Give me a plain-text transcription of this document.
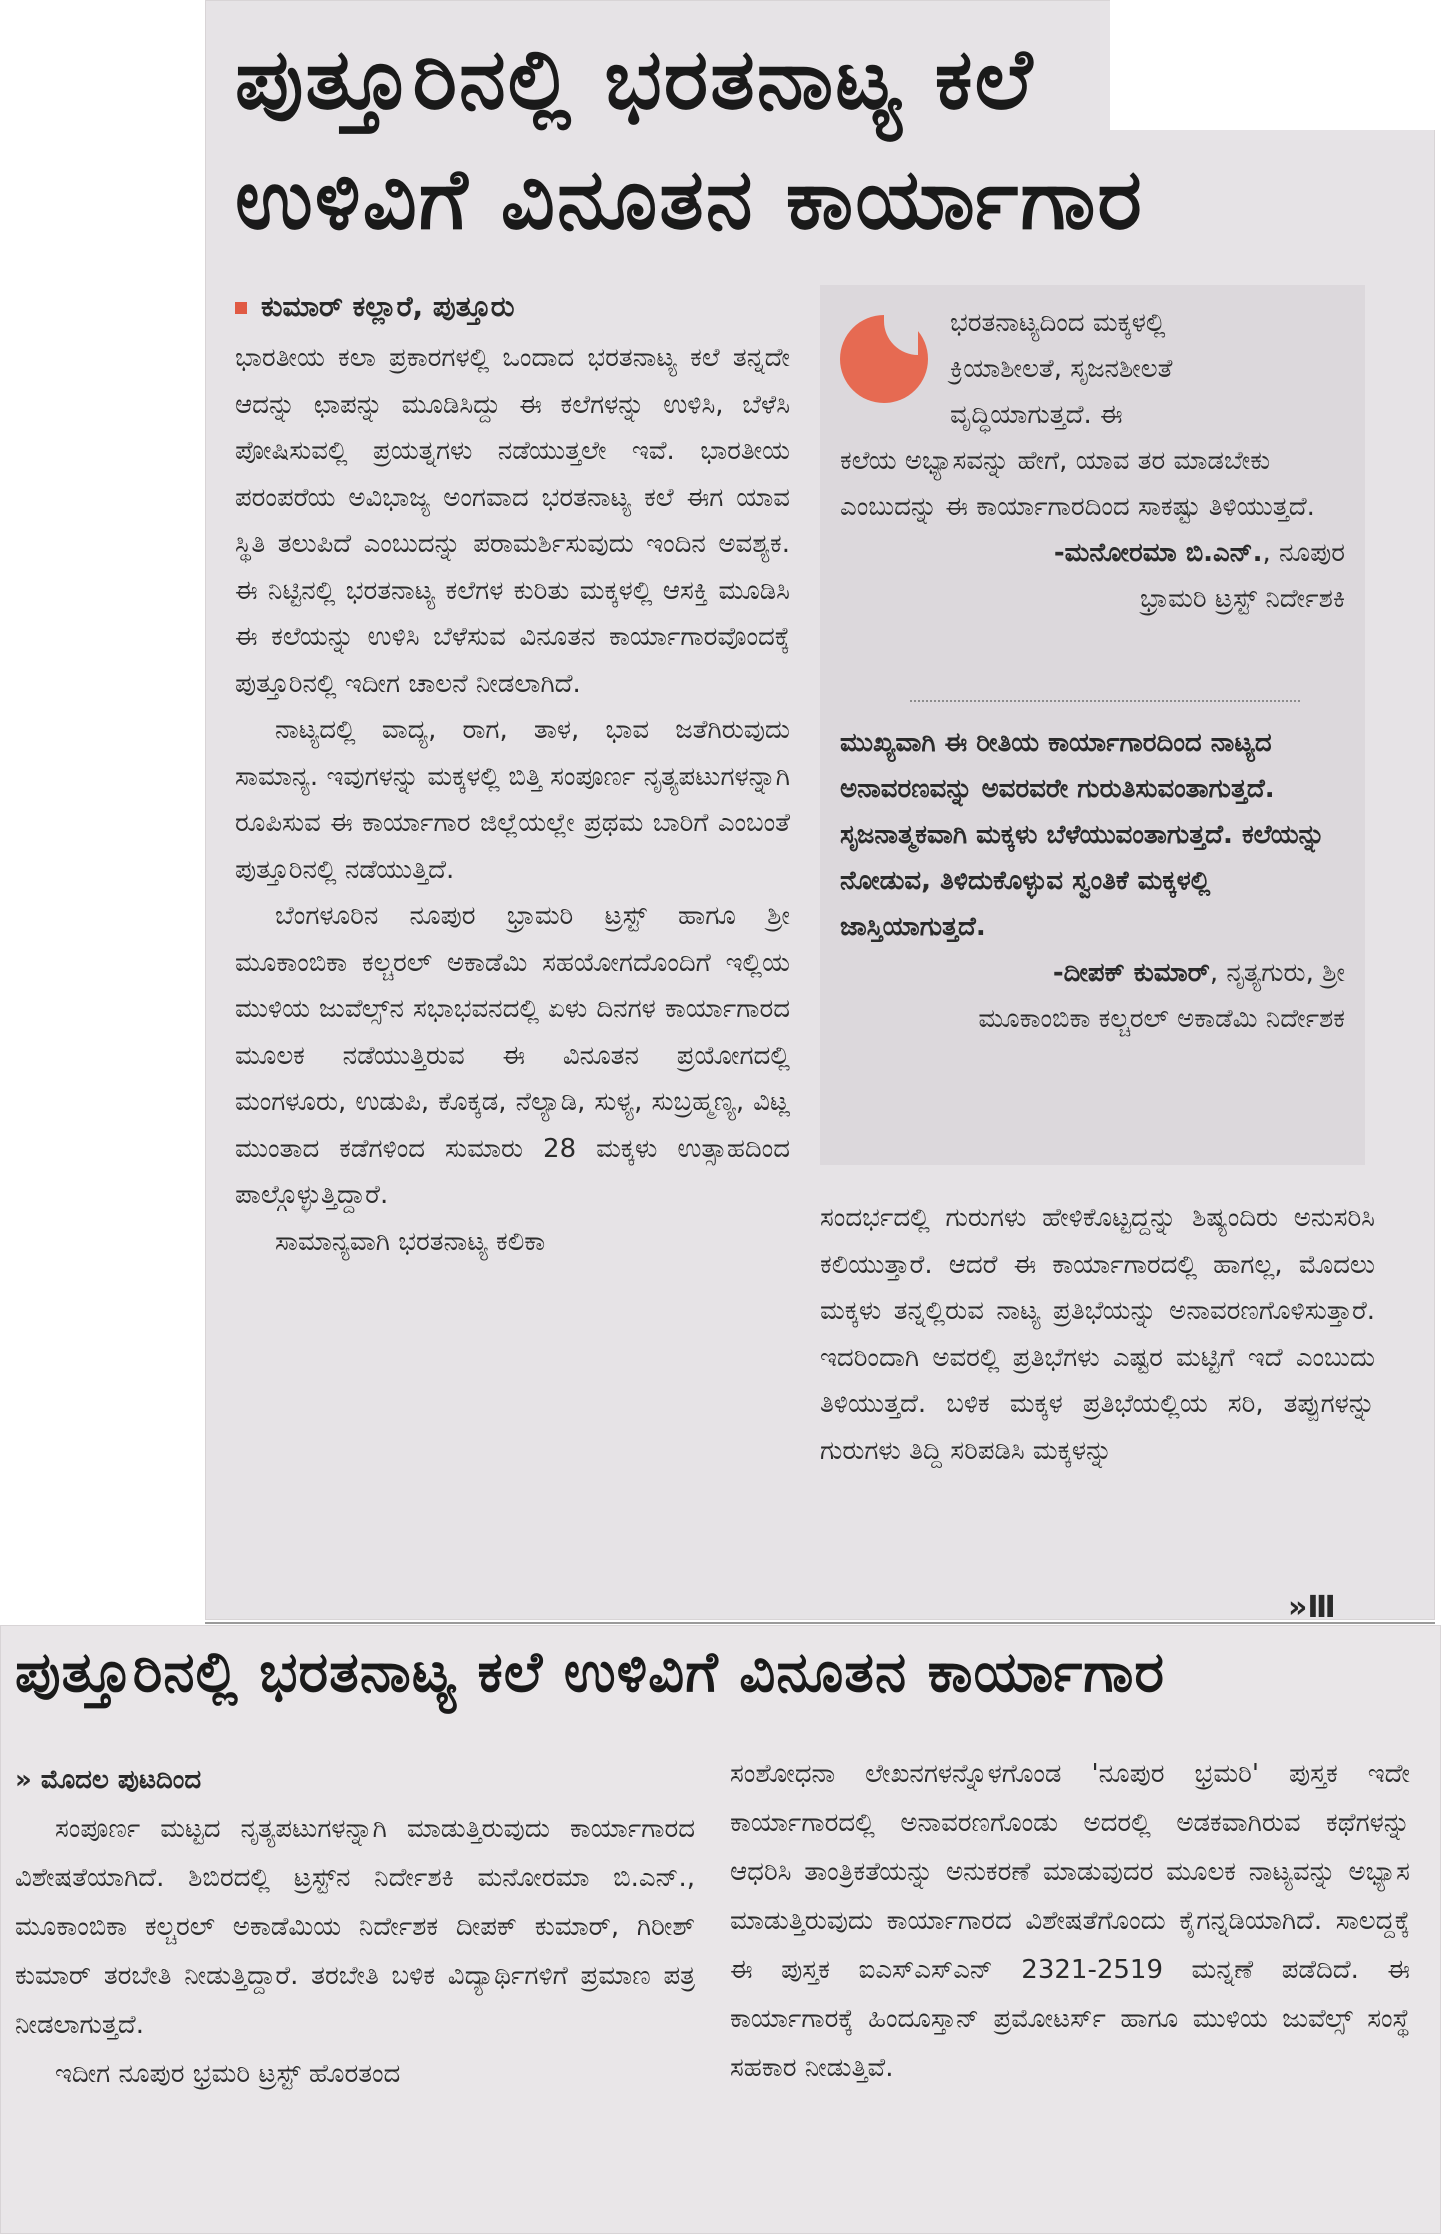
ಪುತ್ತೂರಿನಲ್ಲಿ ಭರತನಾಟ್ಯ ಕಲೆ
ಉಳಿವಿಗೆ ವಿನೂತನ ಕಾರ್ಯಾಗಾರ
ಕುಮಾರ್ ಕಲ್ಲಾರೆ, ಪುತ್ತೂರು

ಭಾರತೀಯ ಕಲಾ ಪ್ರಕಾರಗಳಲ್ಲಿ ಒಂದಾದ ಭರತನಾಟ್ಯ ಕಲೆ ತನ್ನದೇ ಆದನ್ನು ಛಾಪನ್ನು ಮೂಡಿಸಿದ್ದು ಈ ಕಲೆಗಳನ್ನು ಉಳಿಸಿ, ಬೆಳೆಸಿ ಪೋಷಿಸುವಲ್ಲಿ ಪ್ರಯತ್ನಗಳು ನಡೆಯುತ್ತಲೇ ಇವೆ. ಭಾರತೀಯ ಪರಂಪರೆಯ ಅವಿಭಾಜ್ಯ ಅಂಗವಾದ ಭರತನಾಟ್ಯ ಕಲೆ ಈಗ ಯಾವ ಸ್ಥಿತಿ ತಲುಪಿದೆ ಎಂಬುದನ್ನು ಪರಾಮರ್ಶಿಸುವುದು ಇಂದಿನ ಅವಶ್ಯಕ. ಈ ನಿಟ್ಟಿನಲ್ಲಿ ಭರತನಾಟ್ಯ ಕಲೆಗಳ ಕುರಿತು ಮಕ್ಕಳಲ್ಲಿ ಆಸಕ್ತಿ ಮೂಡಿಸಿ ಈ ಕಲೆಯನ್ನು ಉಳಿಸಿ ಬೆಳೆಸುವ ವಿನೂತನ ಕಾರ್ಯಾಗಾರವೊಂದಕ್ಕೆ ಪುತ್ತೂರಿನಲ್ಲಿ ಇದೀಗ ಚಾಲನೆ ನೀಡಲಾಗಿದೆ.

ನಾಟ್ಯದಲ್ಲಿ ವಾದ್ಯ, ರಾಗ, ತಾಳ, ಭಾವ ಜತೆಗಿರುವುದು ಸಾಮಾನ್ಯ. ಇವುಗಳನ್ನು ಮಕ್ಕಳಲ್ಲಿ ಬಿತ್ತಿ ಸಂಪೂರ್ಣ ನೃತ್ಯಪಟುಗಳನ್ನಾಗಿ ರೂಪಿಸುವ ಈ ಕಾರ್ಯಾಗಾರ ಜಿಲ್ಲೆಯಲ್ಲೇ ಪ್ರಥಮ ಬಾರಿಗೆ ಎಂಬಂತೆ ಪುತ್ತೂರಿನಲ್ಲಿ ನಡೆಯುತ್ತಿದೆ.

ಬೆಂಗಳೂರಿನ ನೂಪುರ ಭ್ರಾಮರಿ ಟ್ರಸ್ಟ್ ಹಾಗೂ ಶ್ರೀ ಮೂಕಾಂಬಿಕಾ ಕಲ್ಚರಲ್ ಅಕಾಡೆಮಿ ಸಹಯೋಗದೊಂದಿಗೆ ಇಲ್ಲಿಯ ಮುಳಿಯ ಜುವೆಲ್ಸ್‌ನ ಸಭಾಭವನದಲ್ಲಿ ಏಳು ದಿನಗಳ ಕಾರ್ಯಾಗಾರದ ಮೂಲಕ ನಡೆಯುತ್ತಿರುವ ಈ ವಿನೂತನ ಪ್ರಯೋಗದಲ್ಲಿ ಮಂಗಳೂರು, ಉಡುಪಿ, ಕೊಕ್ಕಡ, ನೆಲ್ಯಾಡಿ, ಸುಳ್ಯ, ಸುಬ್ರಹ್ಮಣ್ಯ, ವಿಟ್ಲ ಮುಂತಾದ ಕಡೆಗಳಿಂದ ಸುಮಾರು 28 ಮಕ್ಕಳು ಉತ್ಸಾಹದಿಂದ ಪಾಲ್ಗೊಳ್ಳುತ್ತಿದ್ದಾರೆ.

ಸಾಮಾನ್ಯವಾಗಿ ಭರತನಾಟ್ಯ ಕಲಿಕಾ

ಭರತನಾಟ್ಯದಿಂದ ಮಕ್ಕಳಲ್ಲಿ
ಕ್ರಿಯಾಶೀಲತೆ, ಸೃಜನಶೀಲತೆ
ವೃದ್ಧಿಯಾಗುತ್ತದೆ. ಈ
ಕಲೆಯ ಅಭ್ಯಾಸವನ್ನು ಹೇಗೆ, ಯಾವ ತರ ಮಾಡಬೇಕು ಎಂಬುದನ್ನು ಈ ಕಾರ್ಯಾಗಾರದಿಂದ ಸಾಕಷ್ಟು ತಿಳಿಯುತ್ತದೆ.
-ಮನೋರಮಾ ಬಿ.ಎನ್., ನೂಪುರ
ಭ್ರಾಮರಿ ಟ್ರಸ್ಟ್ ನಿರ್ದೇಶಕಿ
ಮುಖ್ಯವಾಗಿ ಈ ರೀತಿಯ ಕಾರ್ಯಾಗಾರದಿಂದ ನಾಟ್ಯದ ಅನಾವರಣವನ್ನು ಅವರವರೇ ಗುರುತಿಸುವಂತಾಗುತ್ತದೆ. ಸೃಜನಾತ್ಮಕವಾಗಿ ಮಕ್ಕಳು ಬೆಳೆಯುವಂತಾಗುತ್ತದೆ. ಕಲೆಯನ್ನು ನೋಡುವ, ತಿಳಿದುಕೊಳ್ಳುವ ಸ್ವಂತಿಕೆ ಮಕ್ಕಳಲ್ಲಿ ಜಾಸ್ತಿಯಾಗುತ್ತದೆ.
-ದೀಪಕ್ ಕುಮಾರ್, ನೃತ್ಯಗುರು, ಶ್ರೀ
ಮೂಕಾಂಬಿಕಾ ಕಲ್ಚರಲ್ ಅಕಾಡೆಮಿ ನಿರ್ದೇಶಕ

ಸಂದರ್ಭದಲ್ಲಿ ಗುರುಗಳು ಹೇಳಿಕೊಟ್ಟದ್ದನ್ನು ಶಿಷ್ಯಂದಿರು ಅನುಸರಿಸಿ ಕಲಿಯುತ್ತಾರೆ. ಆದರೆ ಈ ಕಾರ್ಯಾಗಾರದಲ್ಲಿ ಹಾಗಲ್ಲ, ಮೊದಲು ಮಕ್ಕಳು ತನ್ನಲ್ಲಿರುವ ನಾಟ್ಯ ಪ್ರತಿಭೆಯನ್ನು ಅನಾವರಣಗೊಳಿಸುತ್ತಾರೆ. ಇದರಿಂದಾಗಿ ಅವರಲ್ಲಿ ಪ್ರತಿಭೆಗಳು ಎಷ್ಟರ ಮಟ್ಟಿಗೆ ಇದೆ ಎಂಬುದು ತಿಳಿಯುತ್ತದೆ. ಬಳಿಕ ಮಕ್ಕಳ ಪ್ರತಿಭೆಯಲ್ಲಿಯ ಸರಿ, ತಪ್ಪುಗಳನ್ನು ಗುರುಗಳು ತಿದ್ದಿ ಸರಿಪಡಿಸಿ ಮಕ್ಕಳನ್ನು

»Ⅲ
ಪುತ್ತೂರಿನಲ್ಲಿ ಭರತನಾಟ್ಯ ಕಲೆ ಉಳಿವಿಗೆ ವಿನೂತನ ಕಾರ್ಯಾಗಾರ
» ಮೊದಲ ಪುಟದಿಂದ

ಸಂಪೂರ್ಣ ಮಟ್ಟದ ನೃತ್ಯಪಟುಗಳನ್ನಾಗಿ ಮಾಡುತ್ತಿರುವುದು ಕಾರ್ಯಾಗಾರದ ವಿಶೇಷತೆಯಾಗಿದೆ. ಶಿಬಿರದಲ್ಲಿ ಟ್ರಸ್ಟ್‌ನ ನಿರ್ದೇಶಕಿ ಮನೋರಮಾ ಬಿ.ಎನ್., ಮೂಕಾಂಬಿಕಾ ಕಲ್ಚರಲ್ ಅಕಾಡೆಮಿಯ ನಿರ್ದೇಶಕ ದೀಪಕ್ ಕುಮಾರ್, ಗಿರೀಶ್ ಕುಮಾರ್ ತರಬೇತಿ ನೀಡುತ್ತಿದ್ದಾರೆ. ತರಬೇತಿ ಬಳಿಕ ವಿದ್ಯಾರ್ಥಿಗಳಿಗೆ ಪ್ರಮಾಣ ಪತ್ರ ನೀಡಲಾಗುತ್ತದೆ.

ಇದೀಗ ನೂಪುರ ಭ್ರಮರಿ ಟ್ರಸ್ಟ್ ಹೊರತಂದ

ಸಂಶೋಧನಾ ಲೇಖನಗಳನ್ನೊಳಗೊಂಡ 'ನೂಪುರ ಭ್ರಮರಿ' ಪುಸ್ತಕ ಇದೇ ಕಾರ್ಯಾಗಾರದಲ್ಲಿ ಅನಾವರಣಗೊಂಡು ಅದರಲ್ಲಿ ಅಡಕವಾಗಿರುವ ಕಥೆಗಳನ್ನು ಆಧರಿಸಿ ತಾಂತ್ರಿಕತೆಯನ್ನು ಅನುಕರಣೆ ಮಾಡುವುದರ ಮೂಲಕ ನಾಟ್ಯವನ್ನು ಅಭ್ಯಾಸ ಮಾಡುತ್ತಿರುವುದು ಕಾರ್ಯಾಗಾರದ ವಿಶೇಷತೆಗೊಂದು ಕೈಗನ್ನಡಿಯಾಗಿದೆ. ಸಾಲದ್ದಕ್ಕೆ ಈ ಪುಸ್ತಕ ಐಎಸ್‌ಎಸ್‌ಎನ್ 2321-2519 ಮನ್ನಣೆ ಪಡೆದಿದೆ. ಈ ಕಾರ್ಯಾಗಾರಕ್ಕೆ ಹಿಂದೂಸ್ತಾನ್ ಪ್ರಮೋಟರ್ಸ್ ಹಾಗೂ ಮುಳಿಯ ಜುವೆಲ್ಸ್ ಸಂಸ್ಥೆ ಸಹಕಾರ ನೀಡುತ್ತಿವೆ.
